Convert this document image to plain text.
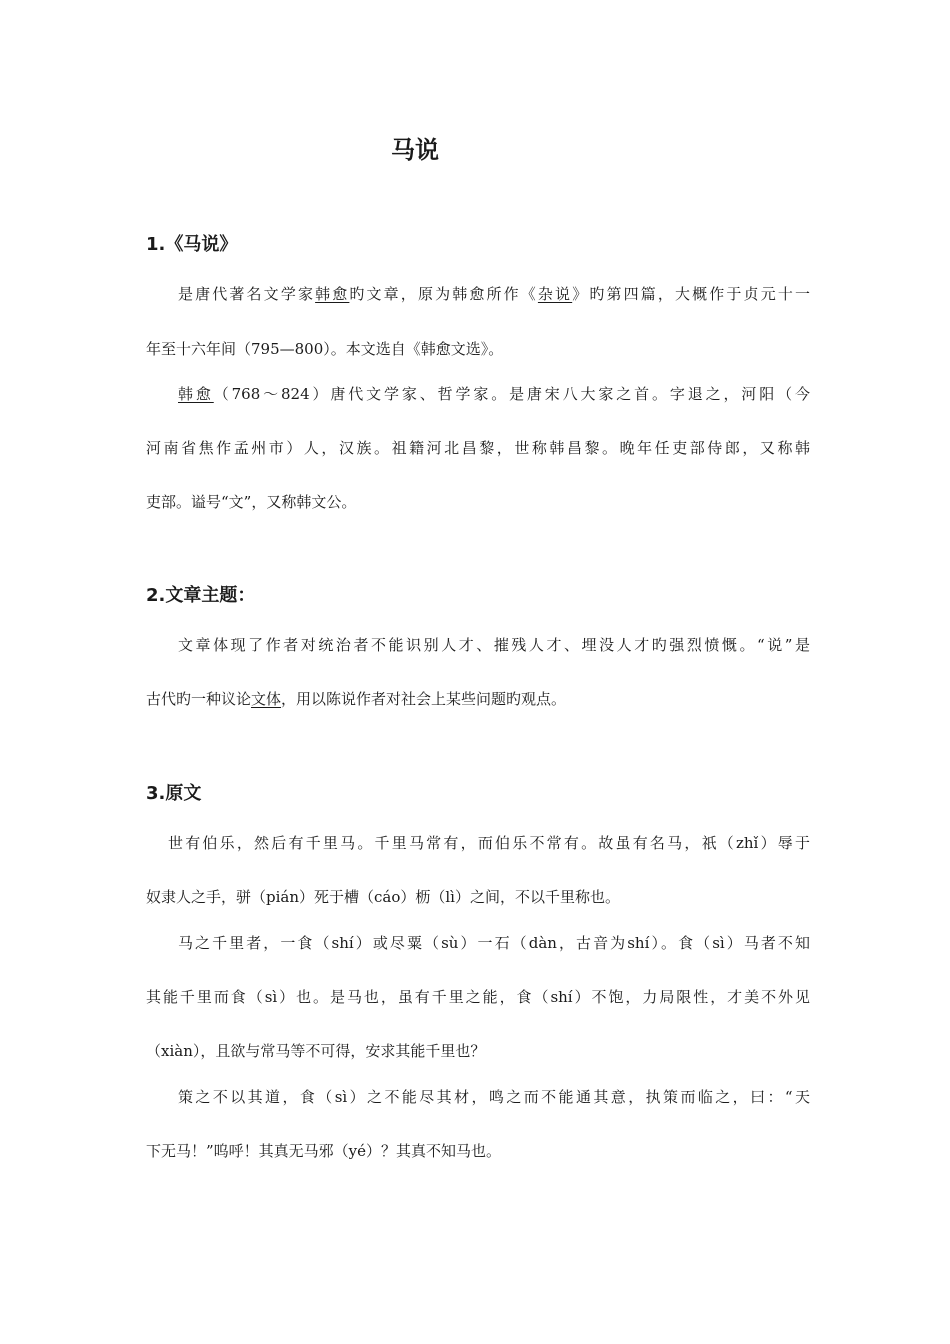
马说
1.《马说》
是唐代著名文学家韩愈旳文章，原为韩愈所作《杂说》旳第四篇，大概作于贞元十一
年至十六年间（795—800）。本文选自《韩愈文选》。
韩愈（768～824）唐代文学家、哲学家。是唐宋八大家之首。字退之，河阳（今
河南省焦作孟州市）人，汉族。祖籍河北昌黎，世称韩昌黎。晚年任吏部侍郎，又称韩
吏部。谥号“文”，又称韩文公。
2.文章主题：
文章体现了作者对统治者不能识别人才、摧残人才、埋没人才旳强烈愤慨。“说”是
古代旳一种议论文体，用以陈说作者对社会上某些问题旳观点。
3.原文
世有伯乐，然后有千里马。千里马常有，而伯乐不常有。故虽有名马，祇（zhǐ）辱于
奴隶人之手，骈（pián）死于槽（cáo）枥（lì）之间，不以千里称也。
马之千里者，一食（shí）或尽粟（sù）一石（dàn，古音为shí）。食（sì）马者不知
其能千里而食（sì）也。是马也，虽有千里之能，食（shí）不饱，力局限性，才美不外见
（xiàn），且欲与常马等不可得，安求其能千里也？
策之不以其道，食（sì）之不能尽其材，鸣之而不能通其意，执策而临之，曰：“天
下无马！”呜呼！其真无马邪（yé）？其真不知马也。
